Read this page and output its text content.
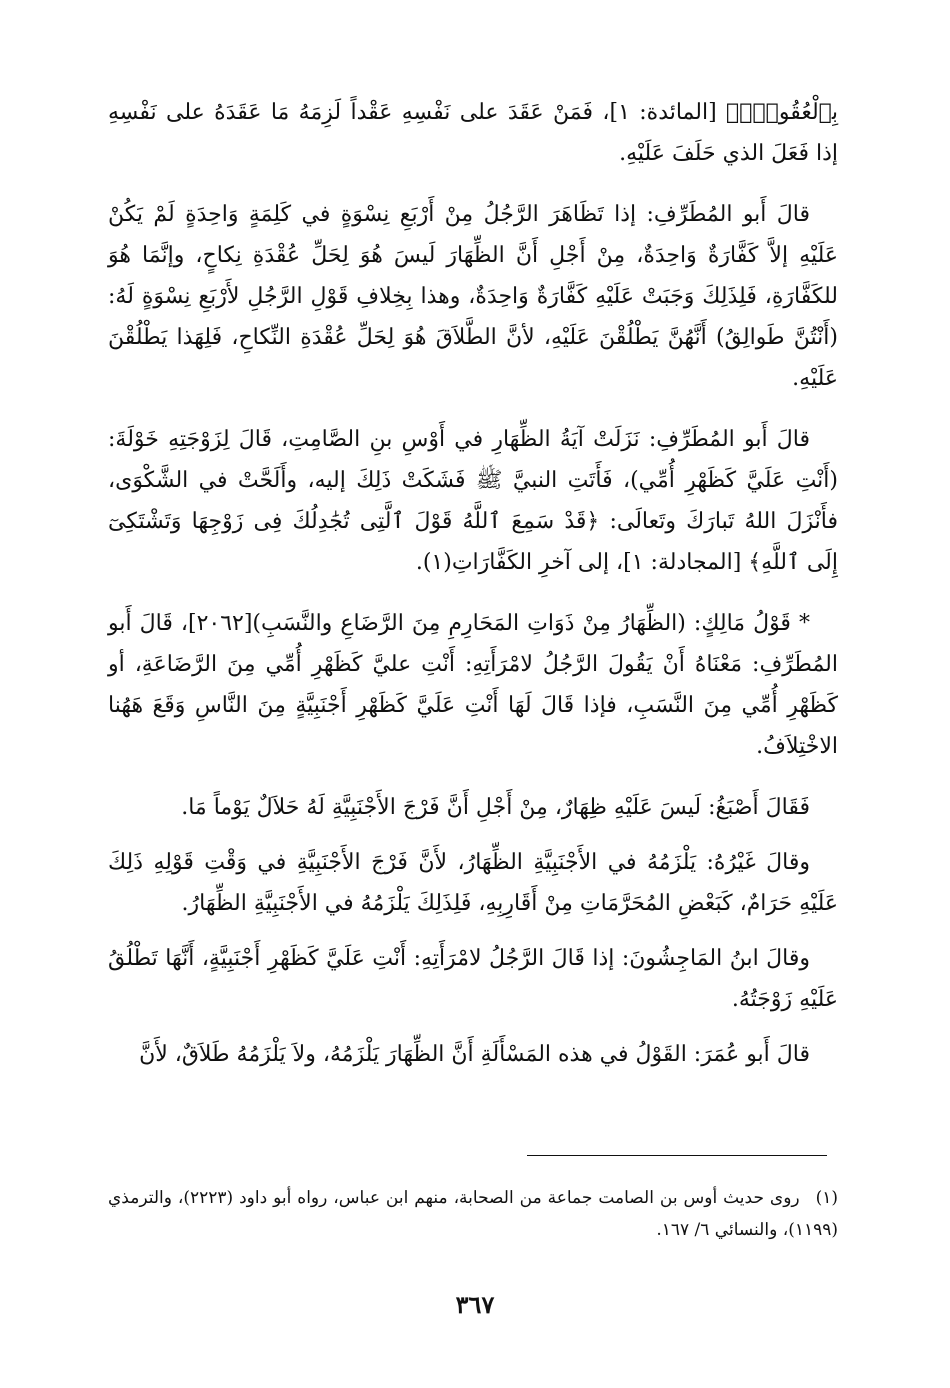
بِٱلْعُقُودِۚ﴾ [المائدة: ١]، فَمَنْ عَقَدَ على نَفْسِهِ عَقْداً لَزِمَهُ مَا عَقَدَهُ على نَفْسِهِ إذا فَعَلَ الذي حَلَفَ عَلَيْهِ.

قالَ أَبو المُطَرِّفِ: إذا تَظَاهَرَ الرَّجُلُ مِنْ أَرْبَعِ نِسْوَةٍ في كَلِمَةٍ وَاحِدَةٍ لَمْ يَكُنْ عَلَيْهِ إلاَّ كَفَّارَةٌ وَاحِدَةٌ، مِنْ أَجْلِ أَنَّ الظِّهَارَ لَيسَ هُوَ لِحَلِّ عُقْدَةِ نِكاحٍ، وإنَّمَا هُوَ للكَفَّارَةِ، فَلِذَلِكَ وَجَبَتْ عَلَيْهِ كَفَّارَةٌ وَاحِدَةٌ، وهذا بِخِلافِ قَوْلِ الرَّجُلِ لأَرْبَعِ نِسْوَةٍ لَهُ: (أَنْتُنَّ طَوالِقُ) أَنَّهُنَّ يَطْلُقْنَ عَلَيْهِ، لأنَّ الطَّلاَقَ هُوَ لِحَلِّ عُقْدَةِ النِّكاحِ، فَلِهَذا يَطْلُقْنَ عَلَيْهِ.

قالَ أَبو المُطَرِّفِ: نَزَلَتْ آيَةُ الظِّهَارِ في أَوْسِ بنِ الصَّامِتِ، قَالَ لِزَوْجَتِهِ خَوْلَةَ: (أَنْتِ عَلَيَّ كَظَهْرِ أُمِّي)، فَأَتَتِ النبيَّ ﷺ فَشَكَتْ ذَلِكَ إليه، وأَلَحَّتْ في الشَّكْوَى، فأَنْزَلَ اللهُ تَبارَكَ وتَعالَى: ﴿قَدْ سَمِعَ ٱللَّهُ قَوْلَ ٱلَّتِى تُجَٰدِلُكَ فِى زَوْجِهَا وَتَشْتَكِىٓ إِلَى ٱللَّهِ﴾ [المجادلة: ١]، إلى آخرِ الكَفَّارَاتِ(١).

* قَوْلُ مَالِكٍ: (الظِّهَارُ مِنْ ذَوَاتِ المَحَارِمِ مِنَ الرَّضَاعِ والنَّسَبِ)[٢٠٦٢]، قَالَ أَبو المُطَرِّفِ: مَعْنَاهُ أَنْ يَقُولَ الرَّجُلُ لامْرَأَتِهِ: أَنْتِ عليَّ كَظَهْرِ أُمِّي مِنَ الرَّضَاعَةِ، أو كَظَهْرِ أُمِّي مِنَ النَّسَبِ، فإذا قَالَ لَهَا أَنْتِ عَلَيَّ كَظَهْرِ أَجْنَبِيَّةٍ مِنَ النَّاسِ وَقَعَ هَهُنا الاخْتِلاَفُ.

فَقَالَ أَصْبَغُ: لَيسَ عَلَيْهِ ظِهَارٌ، مِنْ أَجْلِ أَنَّ فَرْجَ الأَجْنَبِيَّةِ لَهُ حَلاَلٌ يَوْماً مَا.

وقالَ غَيْرُهُ: يَلْزَمُهُ في الأَجْنَبِيَّةِ الظِّهَارُ، لأَنَّ فَرْجَ الأَجْنَبِيَّةِ في وَقْتِ قَوْلِهِ ذَلِكَ عَلَيْهِ حَرَامٌ، كَبَعْضِ المُحَرَّمَاتِ مِنْ أَقَارِبِهِ، فَلِذَلِكَ يَلْزَمُهُ في الأَجْنَبِيَّةِ الظِّهَارُ.

وقالَ ابنُ المَاجِشُونَ: إذا قَالَ الرَّجُلُ لامْرَأَتِهِ: أَنْتِ عَلَيَّ كَظَهْرِ أَجْنَبِيَّةٍ، أَنَّهَا تَطْلُقُ عَلَيْهِ زَوْجَتُهُ.

قالَ أَبو عُمَرَ: القَوْلُ في هذه المَسْأَلَةِ أَنَّ الظِّهَارَ يَلْزَمُهُ، ولاَ يَلْزَمُهُ طَلاَقٌ، لأَنَّ

(١) روى حديث أوس بن الصامت جماعة من الصحابة، منهم ابن عباس، رواه أبو داود (٢٢٢٣)، والترمذي (١١٩٩)، والنسائي ٦/ ١٦٧.
٣٦٧
